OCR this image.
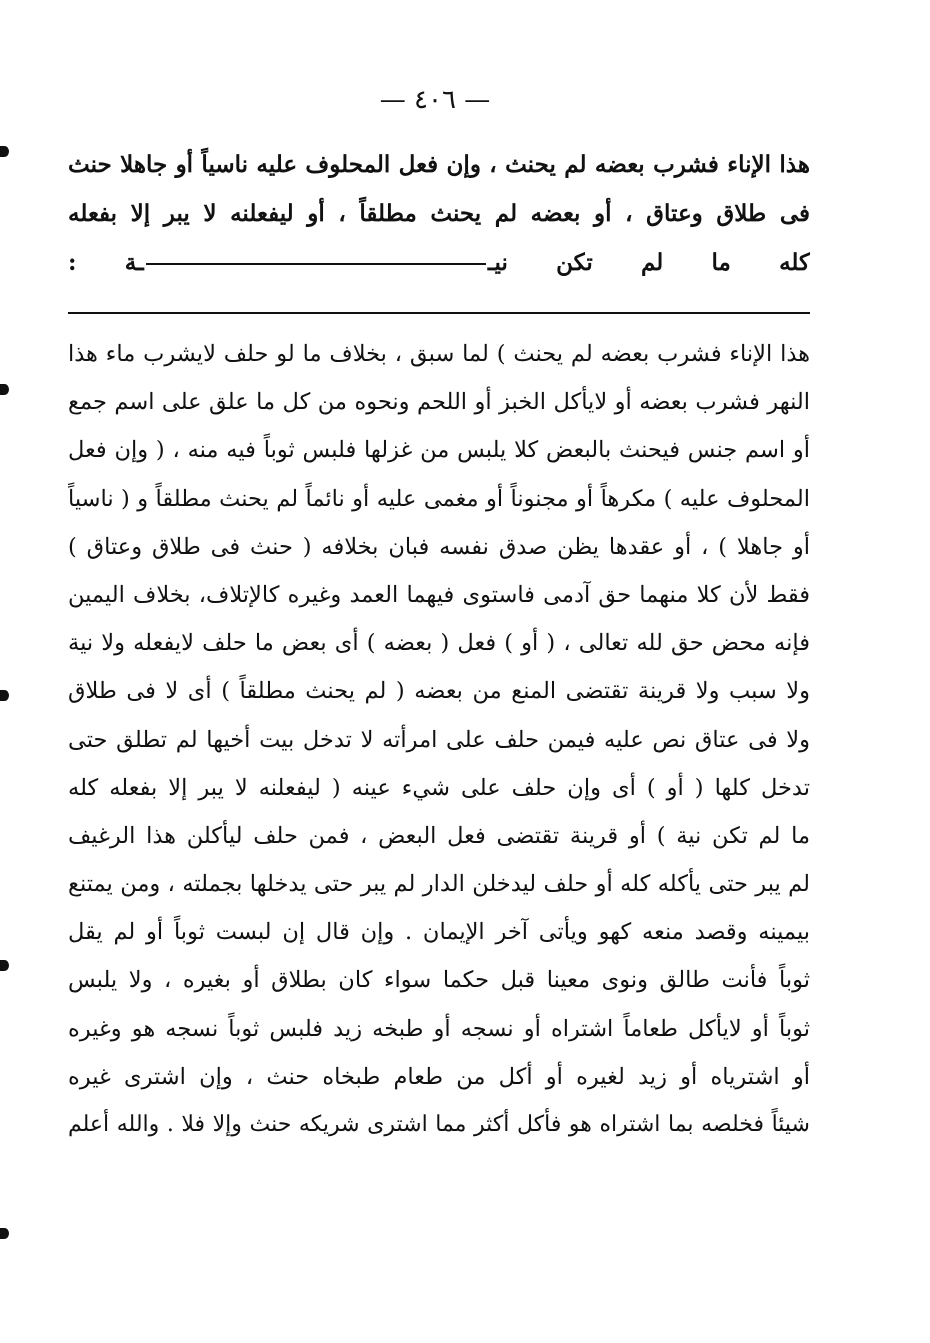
— ٤٠٦ —
هذا الإناء فشرب بعضه لم يحنث ، وإن فعل المحلوف عليه ناسياً أو جاهلا حنث
فى طلاق وعتاق ، أو بعضه لم يحنث مطلقاً ، أو ليفعلنه لا يبر إلا بفعله
كله ما لم تكن نيــة :
هذا الإناء فشرب بعضه لم يحنث ) لما سبق ، بخلاف ما لو حلف لايشرب ماء هذا
النهر فشرب بعضه أو لايأكل الخبز أو اللحم ونحوه من كل ما علق على اسم جمع
أو اسم جنس فيحنث بالبعض كلا يلبس من غزلها فلبس ثوباً فيه منه ، ( وإن فعل
المحلوف عليه ) مكرهاً أو مجنوناً أو مغمى عليه أو نائماً لم يحنث مطلقاً و ( ناسياً
أو جاهلا ) ، أو عقدها يظن صدق نفسه فبان بخلافه ( حنث فى طلاق وعتاق )
فقط لأن كلا منهما حق آدمى فاستوى فيهما العمد وغيره كالإتلاف، بخلاف اليمين
فإنه محض حق لله تعالى ، ( أو ) فعل ( بعضه ) أى بعض ما حلف لايفعله ولا نية
ولا سبب ولا قرينة تقتضى المنع من بعضه ( لم يحنث مطلقاً ) أى لا فى طلاق
ولا فى عتاق نص عليه فيمن حلف على امرأته لا تدخل بيت أخيها لم تطلق حتى
تدخل كلها ( أو ) أى وإن حلف على شيء عينه ( ليفعلنه لا يبر إلا بفعله كله
ما لم تكن نية ) أو قرينة تقتضى فعل البعض ، فمن حلف ليأكلن هذا الرغيف
لم يبر حتى يأكله كله أو حلف ليدخلن الدار لم يبر حتى يدخلها بجملته ، ومن يمتنع
بيمينه وقصد منعه كهو ويأتى آخر الإيمان . وإن قال إن لبست ثوباً أو لم يقل
ثوباً فأنت طالق ونوى معينا قبل حكما سواء كان بطلاق أو بغيره ، ولا يلبس
ثوباً أو لايأكل طعاماً اشتراه أو نسجه أو طبخه زيد فلبس ثوباً نسجه هو وغيره
أو اشترياه أو زيد لغيره أو أكل من طعام طبخاه حنث ، وإن اشترى غيره
شيئاً فخلصه بما اشتراه هو فأكل أكثر مما اشترى شريكه حنث وإلا فلا . والله أعلم
